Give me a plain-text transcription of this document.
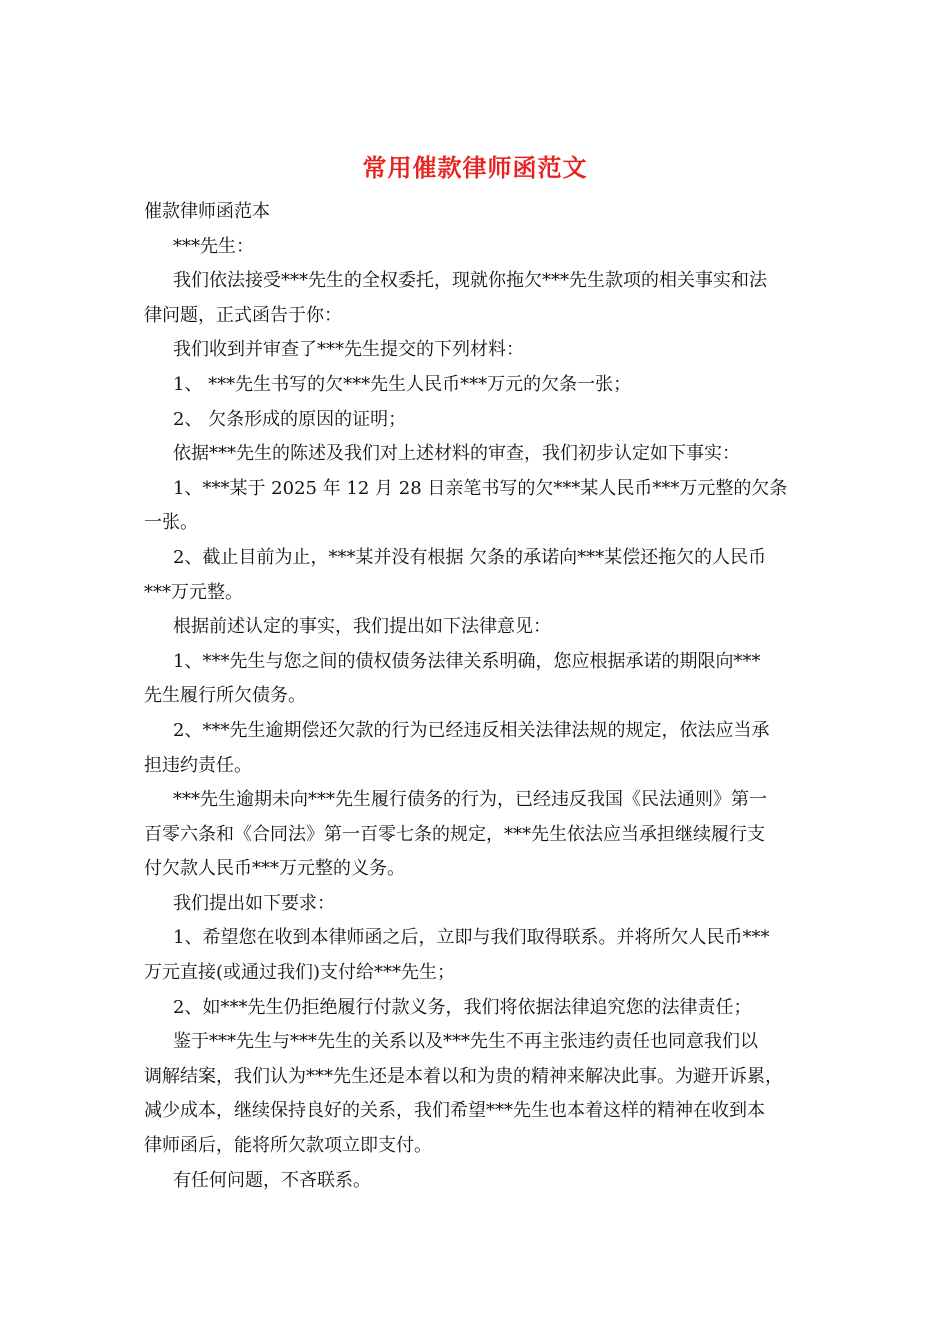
常用催款律师函范文
催款律师函范本
***先生：
我们依法接受***先生的全权委托，现就你拖欠***先生款项的相关事实和法
律问题，正式函告于你：
我们收到并审查了***先生提交的下列材料：
1、 ***先生书写的欠***先生人民币***万元的欠条一张；
2、 欠条形成的原因的证明；
依据***先生的陈述及我们对上述材料的审查，我们初步认定如下事实：
1、***某于 2025 年 12 月 28 日亲笔书写的欠***某人民币***万元整的欠条
一张。
2、截止目前为止，***某并没有根据 欠条的承诺向***某偿还拖欠的人民币
***万元整。
根据前述认定的事实，我们提出如下法律意见：
1、***先生与您之间的债权债务法律关系明确，您应根据承诺的期限向***
先生履行所欠债务。
2、***先生逾期偿还欠款的行为已经违反相关法律法规的规定，依法应当承
担违约责任。
***先生逾期未向***先生履行债务的行为，已经违反我国《民法通则》第一
百零六条和《合同法》第一百零七条的规定，***先生依法应当承担继续履行支
付欠款人民币***万元整的义务。
我们提出如下要求：
1、希望您在收到本律师函之后，立即与我们取得联系。并将所欠人民币***
万元直接(或通过我们)支付给***先生；
2、如***先生仍拒绝履行付款义务，我们将依据法律追究您的法律责任；
鉴于***先生与***先生的关系以及***先生不再主张违约责任也同意我们以
调解结案，我们认为***先生还是本着以和为贵的精神来解决此事。为避开诉累，
减少成本，继续保持良好的关系，我们希望***先生也本着这样的精神在收到本
律师函后，能将所欠款项立即支付。
有任何问题，不吝联系。
